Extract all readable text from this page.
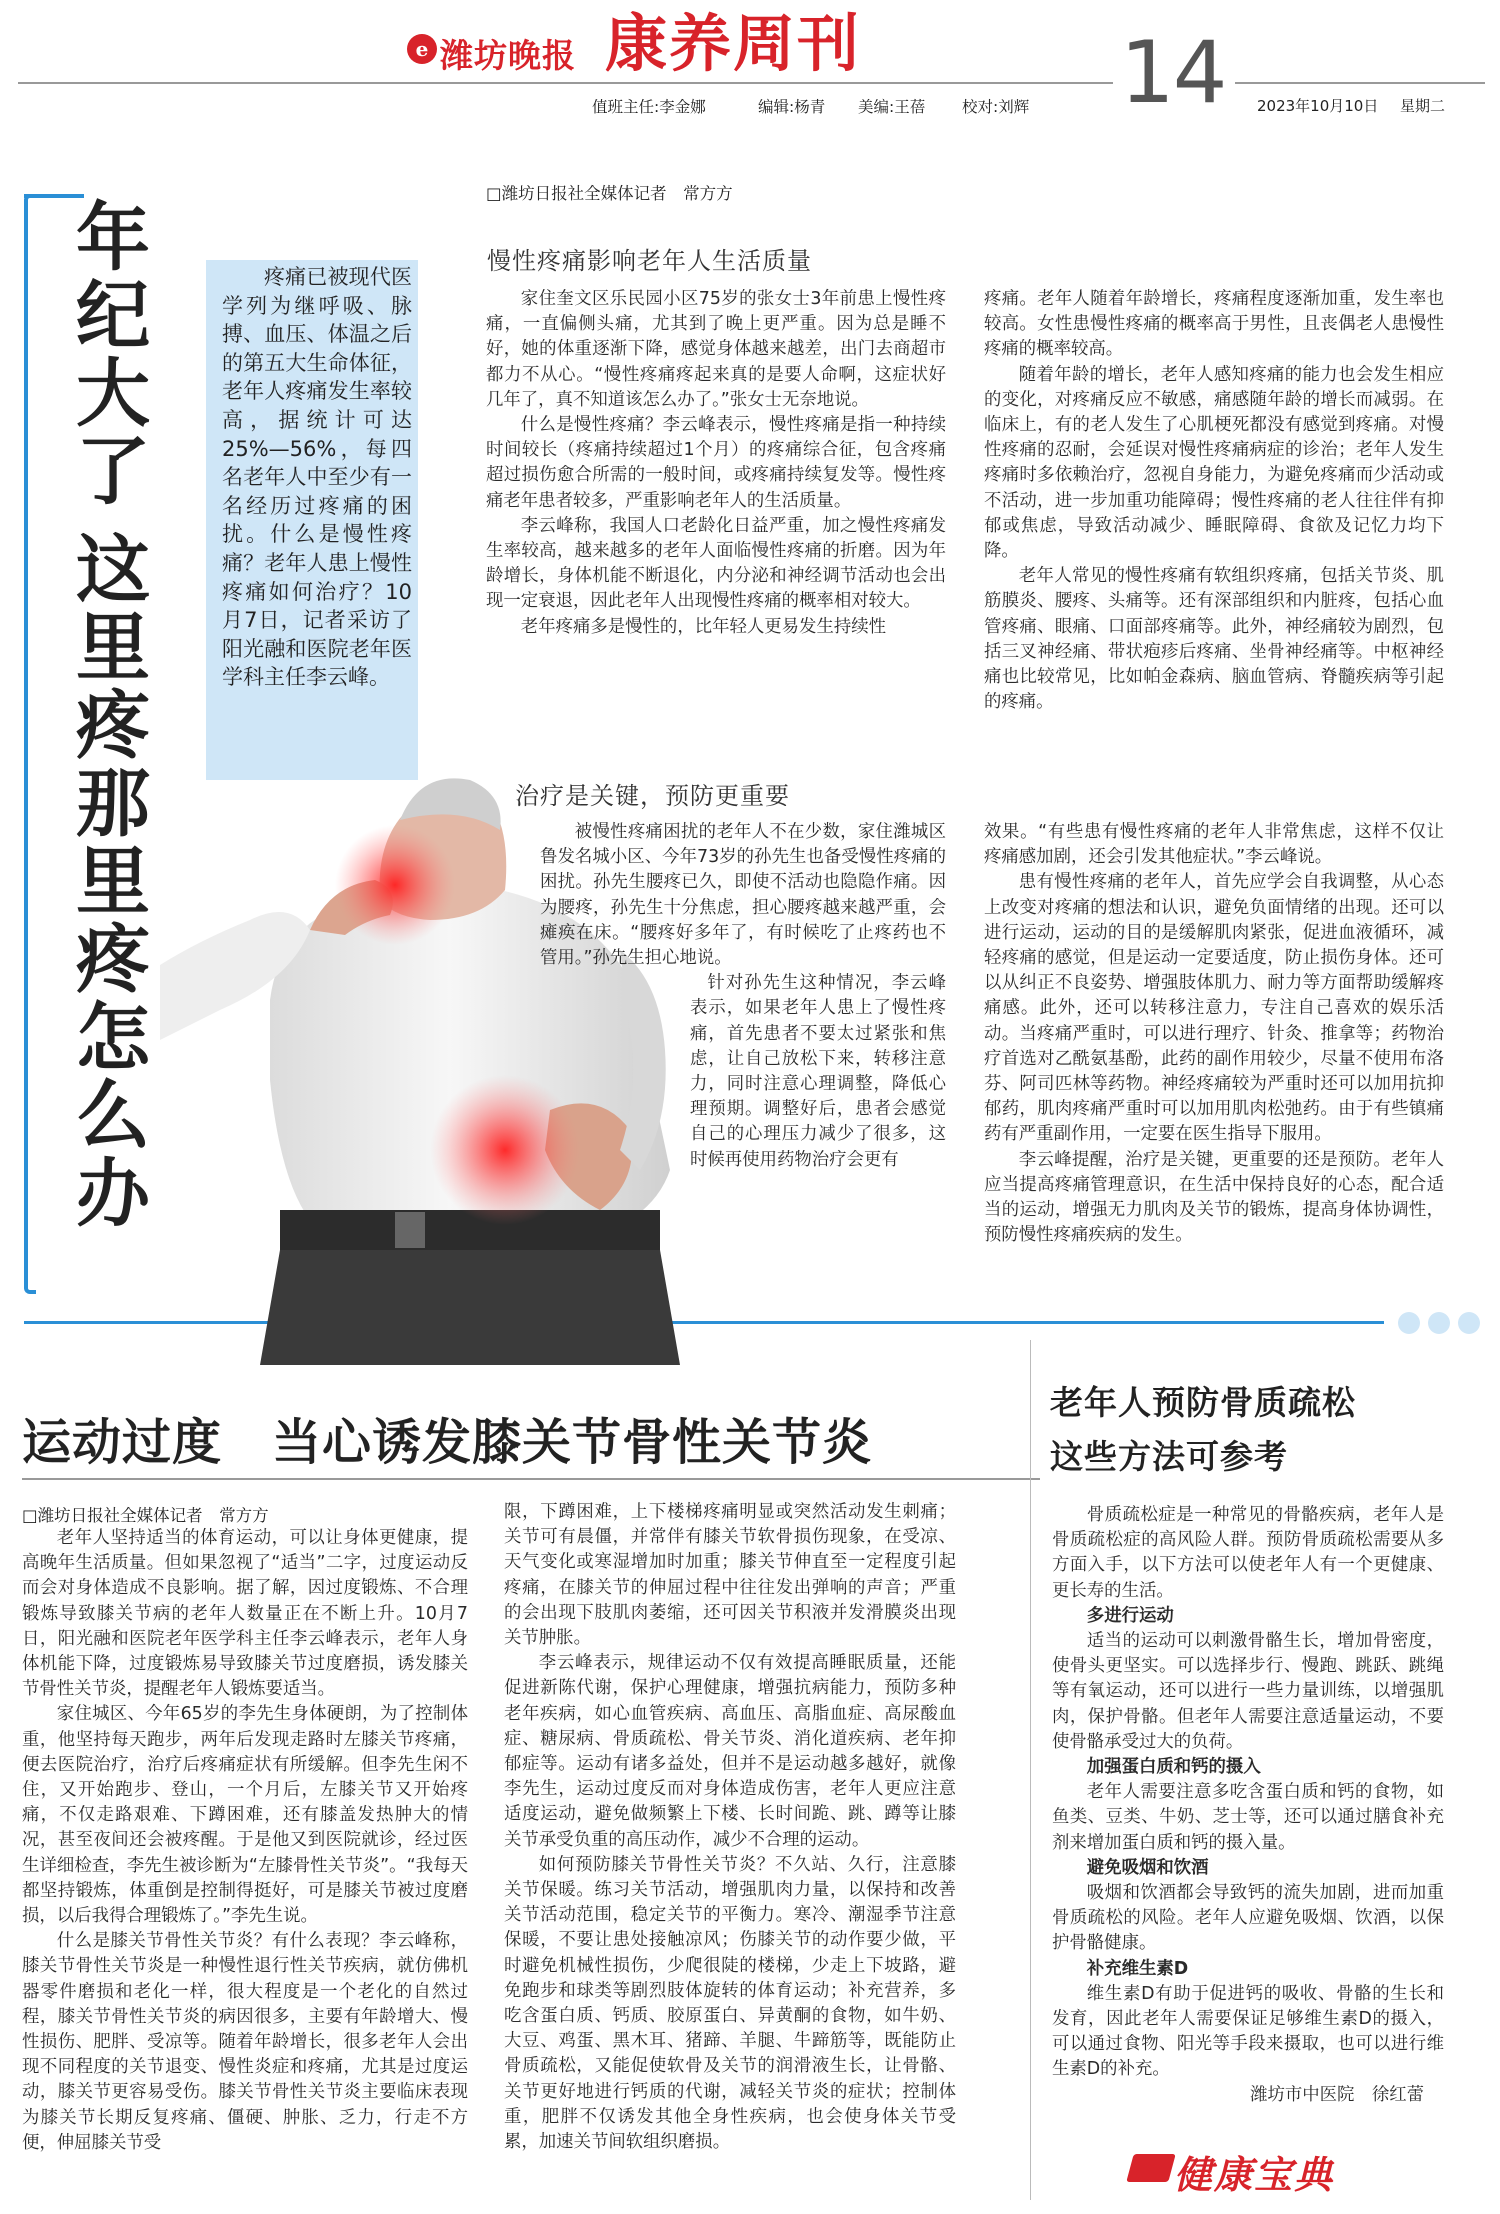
e 潍坊晚报 康养周刊
值班主任:李金娜	编辑:杨青 美编:王蓓 校对:刘辉 14 2023年10月10日 星期二
年纪大了
这里疼那里疼怎么办
疼痛已被现代医学列为继呼吸、脉搏、血压、体温之后的第五大生命体征，老年人疼痛发生率较高，据统计可达25%—56%，每四名老年人中至少有一名经历过疼痛的困扰。什么是慢性疼痛？老年人患上慢性疼痛如何治疗？10月7日，记者采访了阳光融和医院老年医学科主任李云峰。
□潍坊日报社全媒体记者　常方方
慢性疼痛影响老年人生活质量

家住奎文区乐民园小区75岁的张女士3年前患上慢性疼痛，一直偏侧头痛，尤其到了晚上更严重。因为总是睡不好，她的体重逐渐下降，感觉身体越来越差，出门去商超市都力不从心。“慢性疼痛疼起来真的是要人命啊，这症状好几年了，真不知道该怎么办了。”张女士无奈地说。

什么是慢性疼痛？李云峰表示，慢性疼痛是指一种持续时间较长（疼痛持续超过1个月）的疼痛综合征，包含疼痛超过损伤愈合所需的一般时间，或疼痛持续复发等。慢性疼痛老年患者较多，严重影响老年人的生活质量。

李云峰称，我国人口老龄化日益严重，加之慢性疼痛发生率较高，越来越多的老年人面临慢性疼痛的折磨。因为年龄增长，身体机能不断退化，内分泌和神经调节活动也会出现一定衰退，因此老年人出现慢性疼痛的概率相对较大。

老年疼痛多是慢性的，比年轻人更易发生持续性

疼痛。老年人随着年龄增长，疼痛程度逐渐加重，发生率也较高。女性患慢性疼痛的概率高于男性，且丧偶老人患慢性疼痛的概率较高。

随着年龄的增长，老年人感知疼痛的能力也会发生相应的变化，对疼痛反应不敏感，痛感随年龄的增长而减弱。在临床上，有的老人发生了心肌梗死都没有感觉到疼痛。对慢性疼痛的忍耐，会延误对慢性疼痛病症的诊治；老年人发生疼痛时多依赖治疗，忽视自身能力，为避免疼痛而少活动或不活动，进一步加重功能障碍；慢性疼痛的老人往往伴有抑郁或焦虑，导致活动减少、睡眠障碍、食欲及记忆力均下降。

老年人常见的慢性疼痛有软组织疼痛，包括关节炎、肌筋膜炎、腰疼、头痛等。还有深部组织和内脏疼，包括心血管疼痛、眼痛、口面部疼痛等。此外，神经痛较为剧烈，包括三叉神经痛、带状疱疹后疼痛、坐骨神经痛等。中枢神经痛也比较常见，比如帕金森病、脑血管病、脊髓疾病等引起的疼痛。

治疗是关键，预防更重要

被慢性疼痛困扰的老年人不在少数，家住潍城区鲁发名城小区、今年73岁的孙先生也备受慢性疼痛的困扰。孙先生腰疼已久，即使不活动也隐隐作痛。因为腰疼，孙先生十分焦虑，担心腰疼越来越严重，会瘫痪在床。“腰疼好多年了，有时候吃了止疼药也不管用。”孙先生担心地说。

针对孙先生这种情况，李云峰表示，如果老年人患上了慢性疼痛，首先患者不要太过紧张和焦虑，让自己放松下来，转移注意力，同时注意心理调整，降低心理预期。调整好后，患者会感觉自己的心理压力减少了很多，这时候再使用药物治疗会更有

效果。“有些患有慢性疼痛的老年人非常焦虑，这样不仅让疼痛感加剧，还会引发其他症状。”李云峰说。

患有慢性疼痛的老年人，首先应学会自我调整，从心态上改变对疼痛的想法和认识，避免负面情绪的出现。还可以进行运动，运动的目的是缓解肌肉紧张，促进血液循环，减轻疼痛的感觉，但是运动一定要适度，防止损伤身体。还可以从纠正不良姿势、增强肢体肌力、耐力等方面帮助缓解疼痛感。此外，还可以转移注意力，专注自己喜欢的娱乐活动。当疼痛严重时，可以进行理疗、针灸、推拿等；药物治疗首选对乙酰氨基酚，此药的副作用较少，尽量不使用布洛芬、阿司匹林等药物。神经疼痛较为严重时还可以加用抗抑郁药，肌肉疼痛严重时可以加用肌肉松弛药。由于有些镇痛药有严重副作用，一定要在医生指导下服用。

李云峰提醒，治疗是关键，更重要的还是预防。老年人应当提高疼痛管理意识，在生活中保持良好的心态，配合适当的运动，增强无力肌肉及关节的锻炼，提高身体协调性，预防慢性疼痛疾病的发生。

运动过度　当心诱发膝关节骨性关节炎
□潍坊日报社全媒体记者　常方方

老年人坚持适当的体育运动，可以让身体更健康，提高晚年生活质量。但如果忽视了“适当”二字，过度运动反而会对身体造成不良影响。据了解，因过度锻炼、不合理锻炼导致膝关节病的老年人数量正在不断上升。10月7日，阳光融和医院老年医学科主任李云峰表示，老年人身体机能下降，过度锻炼易导致膝关节过度磨损，诱发膝关节骨性关节炎，提醒老年人锻炼要适当。

家住城区、今年65岁的李先生身体硬朗，为了控制体重，他坚持每天跑步，两年后发现走路时左膝关节疼痛，便去医院治疗，治疗后疼痛症状有所缓解。但李先生闲不住，又开始跑步、登山，一个月后，左膝关节又开始疼痛，不仅走路艰难、下蹲困难，还有膝盖发热肿大的情况，甚至夜间还会被疼醒。于是他又到医院就诊，经过医生详细检查，李先生被诊断为“左膝骨性关节炎”。“我每天都坚持锻炼，体重倒是控制得挺好，可是膝关节被过度磨损，以后我得合理锻炼了。”李先生说。

什么是膝关节骨性关节炎？有什么表现？李云峰称，膝关节骨性关节炎是一种慢性退行性关节疾病，就仿佛机器零件磨损和老化一样，很大程度是一个老化的自然过程，膝关节骨性关节炎的病因很多，主要有年龄增大、慢性损伤、肥胖、受凉等。随着年龄增长，很多老年人会出现不同程度的关节退变、慢性炎症和疼痛，尤其是过度运动，膝关节更容易受伤。膝关节骨性关节炎主要临床表现为膝关节长期反复疼痛、僵硬、肿胀、乏力，行走不方便，伸屈膝关节受

限，下蹲困难，上下楼梯疼痛明显或突然活动发生刺痛；关节可有晨僵，并常伴有膝关节软骨损伤现象，在受凉、天气变化或寒湿增加时加重；膝关节伸直至一定程度引起疼痛，在膝关节的伸屈过程中往往发出弹响的声音；严重的会出现下肢肌肉萎缩，还可因关节积液并发滑膜炎出现关节肿胀。

李云峰表示，规律运动不仅有效提高睡眠质量，还能促进新陈代谢，保护心理健康，增强抗病能力，预防多种老年疾病，如心血管疾病、高血压、高脂血症、高尿酸血症、糖尿病、骨质疏松、骨关节炎、消化道疾病、老年抑郁症等。运动有诸多益处，但并不是运动越多越好，就像李先生，运动过度反而对身体造成伤害，老年人更应注意适度运动，避免做频繁上下楼、长时间跪、跳、蹲等让膝关节承受负重的高压动作，减少不合理的运动。

如何预防膝关节骨性关节炎？不久站、久行，注意膝关节保暖。练习关节活动，增强肌肉力量，以保持和改善关节活动范围，稳定关节的平衡力。寒冷、潮湿季节注意保暖，不要让患处接触凉风；伤膝关节的动作要少做，平时避免机械性损伤，少爬很陡的楼梯，少走上下坡路，避免跑步和球类等剧烈肢体旋转的体育运动；补充营养，多吃含蛋白质、钙质、胶原蛋白、异黄酮的食物，如牛奶、大豆、鸡蛋、黑木耳、猪蹄、羊腿、牛蹄筋等，既能防止骨质疏松，又能促使软骨及关节的润滑液生长，让骨骼、关节更好地进行钙质的代谢，减轻关节炎的症状；控制体重，肥胖不仅诱发其他全身性疾病，也会使身体关节受累，加速关节间软组织磨损。

老年人预防骨质疏松
这些方法可参考

骨质疏松症是一种常见的骨骼疾病，老年人是骨质疏松症的高风险人群。预防骨质疏松需要从多方面入手，以下方法可以使老年人有一个更健康、更长寿的生活。

多进行运动

适当的运动可以刺激骨骼生长，增加骨密度，使骨头更坚实。可以选择步行、慢跑、跳跃、跳绳等有氧运动，还可以进行一些力量训练，以增强肌肉，保护骨骼。但老年人需要注意适量运动，不要使骨骼承受过大的负荷。

加强蛋白质和钙的摄入

老年人需要注意多吃含蛋白质和钙的食物，如鱼类、豆类、牛奶、芝士等，还可以通过膳食补充剂来增加蛋白质和钙的摄入量。

避免吸烟和饮酒

吸烟和饮酒都会导致钙的流失加剧，进而加重骨质疏松的风险。老年人应避免吸烟、饮酒，以保护骨骼健康。

补充维生素D

维生素D有助于促进钙的吸收、骨骼的生长和发育，因此老年人需要保证足够维生素D的摄入，可以通过食物、阳光等手段来摄取，也可以进行维生素D的补充。

潍坊市中医院　徐红蕾

健康宝典
